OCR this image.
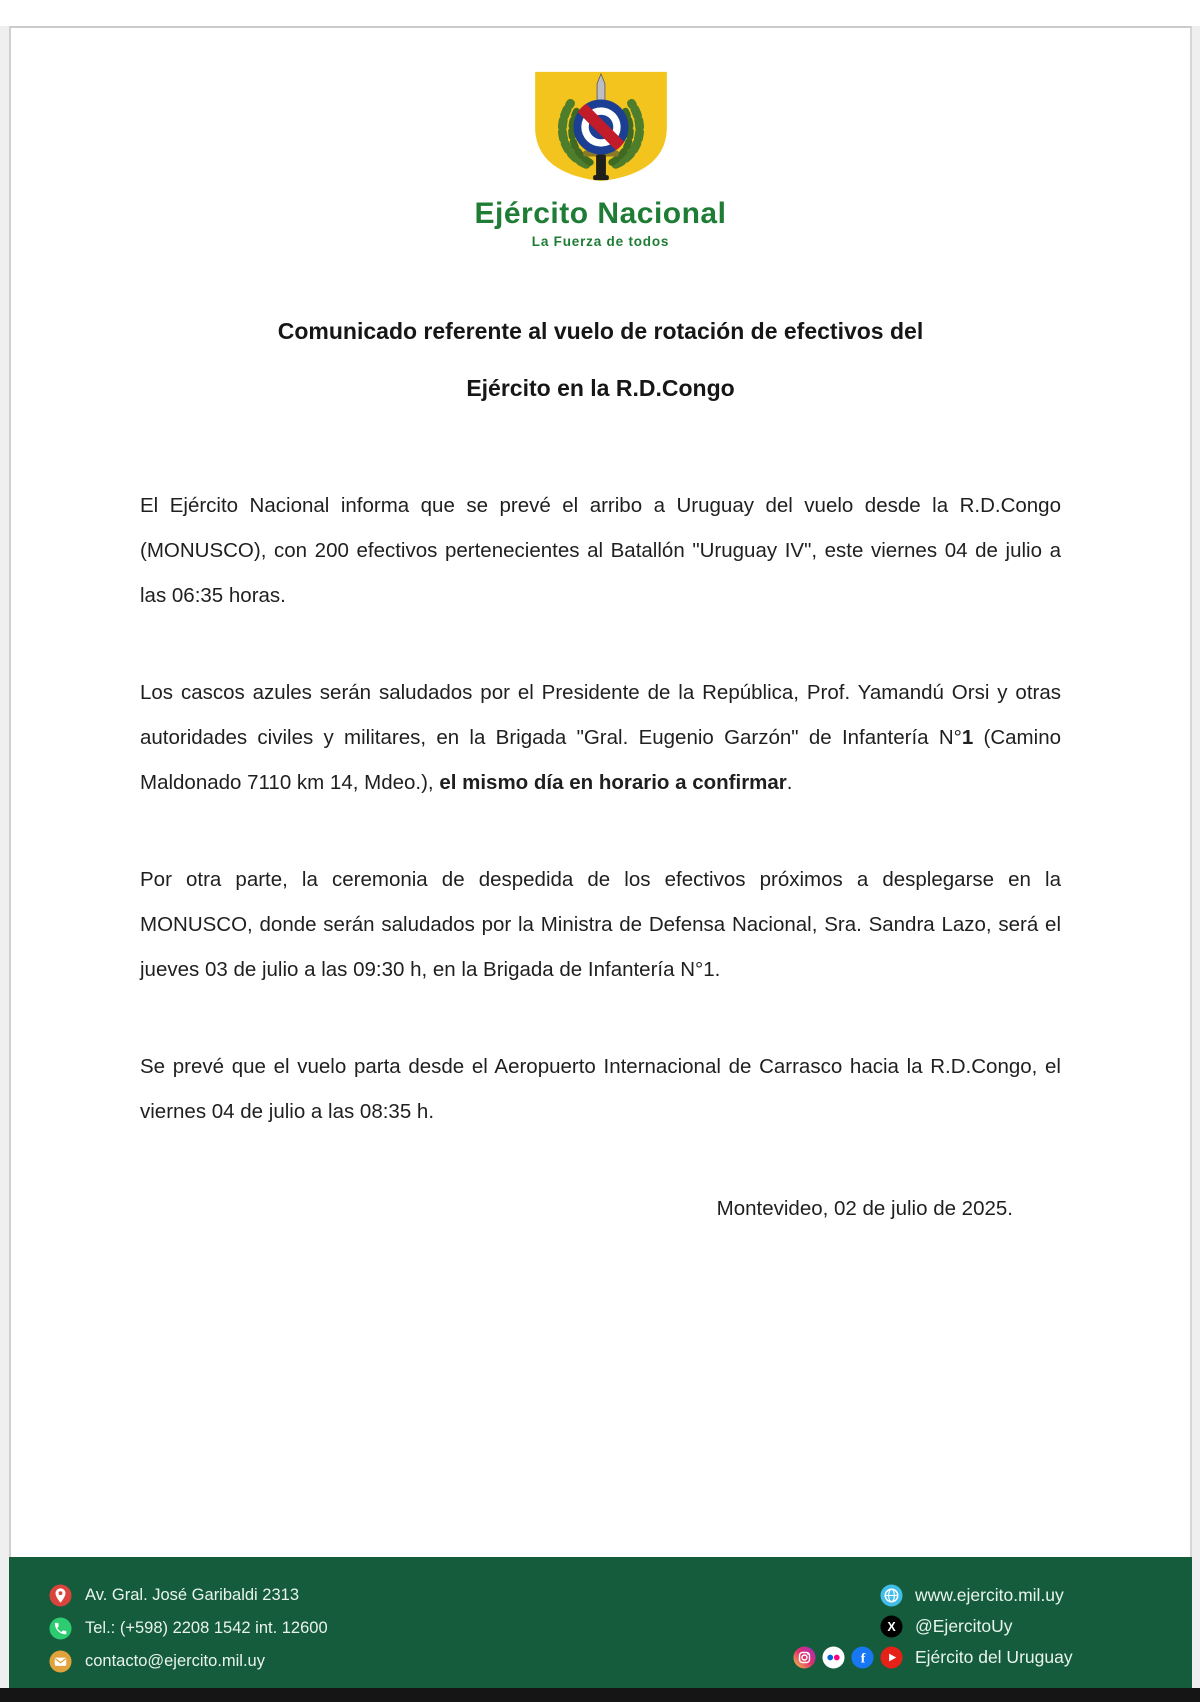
Ejército Nacional
La Fuerza de todos
Comunicado referente al vuelo de rotación de efectivos del
Ejército en la R.D.Congo

El Ejército Nacional informa que se prevé el arribo a Uruguay del vuelo desde la R.D.Congo (MONUSCO), con 200 efectivos pertenecientes al Batallón "Uruguay IV", este viernes 04 de julio a las 06:35 horas.

Los cascos azules serán saludados por el Presidente de la República, Prof. Yamandú Orsi y otras autoridades civiles y militares, en la Brigada "Gral. Eugenio Garzón" de Infantería N°1 (Camino Maldonado 7110 km 14, Mdeo.), el mismo día en horario a confirmar.

Por otra parte, la ceremonia de despedida de los efectivos próximos a desplegarse en la MONUSCO, donde serán saludados por la Ministra de Defensa Nacional, Sra. Sandra Lazo, será el jueves 03 de julio a las 09:30 h, en la Brigada de Infantería N°1.

Se prevé que el vuelo parta desde el Aeropuerto Internacional de Carrasco hacia la R.D.Congo, el viernes 04 de julio a las 08:35 h.

Montevideo, 02 de julio de 2025.
Av. Gral. José Garibaldi 2313
Tel.: (+598) 2208 1542 int. 12600
contacto@ejercito.mil.uy
www.ejercito.mil.uy
X @EjercitoUy
f	Ejército del Uruguay
